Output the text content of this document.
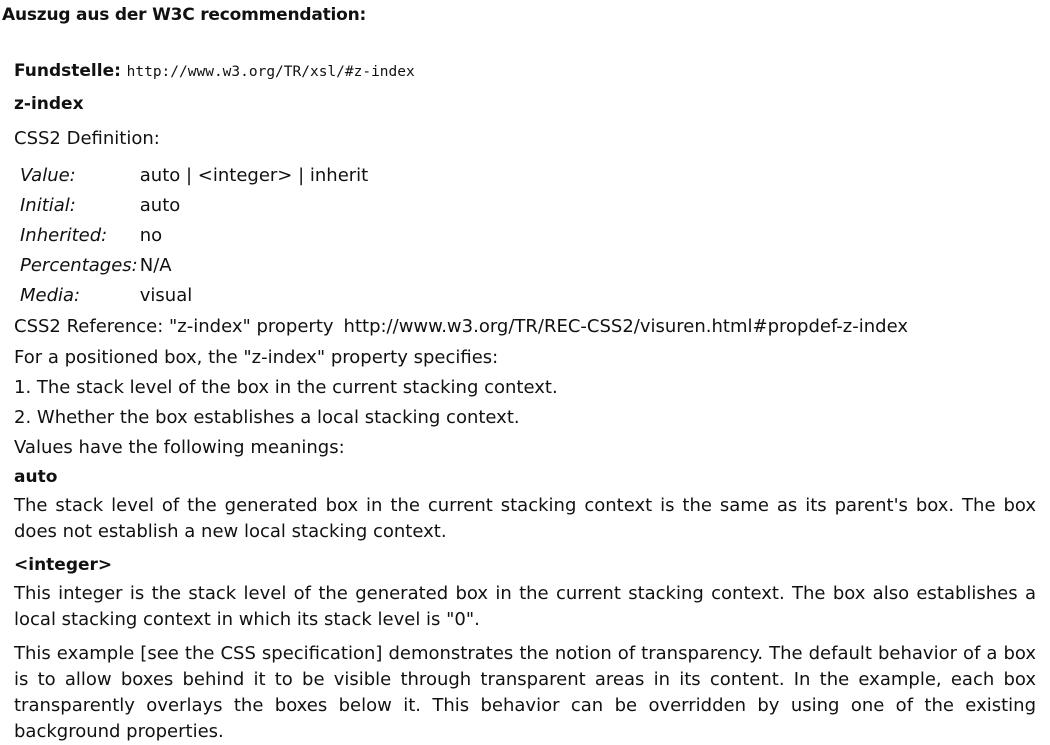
Auszug aus der W3C recommendation:
Fundstelle: http://www.w3.org/TR/xsl/#z-index
z-index
CSS2 Definition:
Value:	auto | <integer> | inherit
Initial:	auto
Inherited:	no
Percentages:	N/A
Media:	visual
CSS2 Reference: "z-index" property http://www.w3.org/TR/REC-CSS2/visuren.html#propdef-z-index
For a positioned box, the "z-index" property specifies:
1. The stack level of the box in the current stacking context.
2. Whether the box establishes a local stacking context.
Values have the following meanings:
auto
The stack level of the generated box in the current stacking context is the same as its parent's box. The box does not establish a new local stacking context.
<integer>
This integer is the stack level of the generated box in the current stacking context. The box also establishes a local stacking context in which its stack level is "0".
This example [see the CSS specification] demonstrates the notion of transparency. The default behavior of a box is to allow boxes behind it to be visible through transparent areas in its content. In the example, each box transparently overlays the boxes below it. This behavior can be overridden by using one of the existing background properties.
